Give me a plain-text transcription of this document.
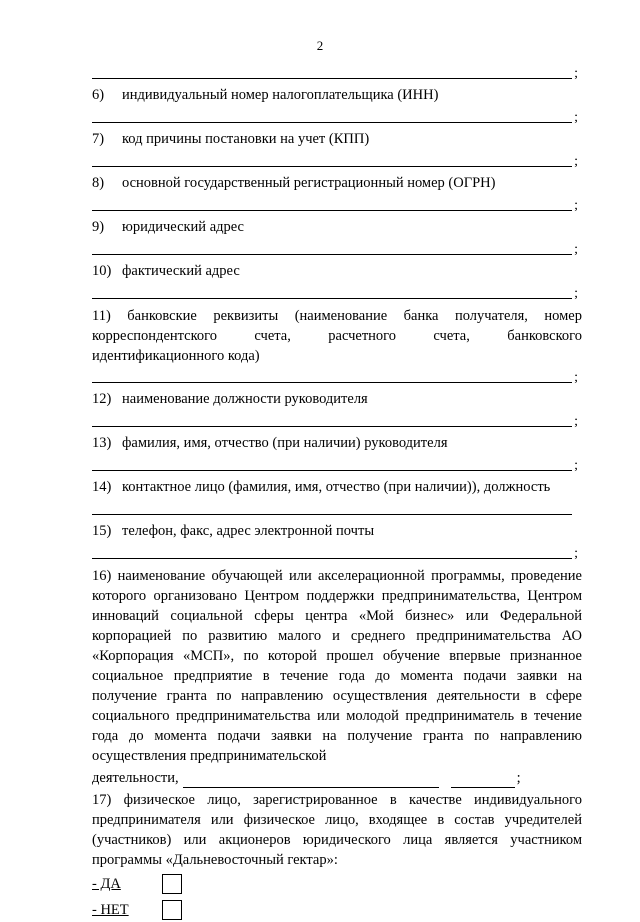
2
;
6)	индивидуальный номер налогоплательщика (ИНН)
;
7)	код причины постановки на учет (КПП)
;
8)	основной государственный регистрационный номер (ОГРН)
;
9)	юридический адрес
;
10) фактический адрес
;
11) банковские реквизиты (наименование банка получателя, номер корреспондентского счета, расчетного счета, банковского идентификационного кода)
;
12) наименование должности руководителя
;
13) фамилия, имя, отчество (при наличии) руководителя
;
14) контактное лицо (фамилия, имя, отчество (при наличии)), должность
15) телефон, факс, адрес электронной почты
;
16) наименование обучающей или акселерационной программы, проведение которого организовано Центром поддержки предпринимательства, Центром инноваций социальной сферы центра «Мой бизнес» или Федеральной корпорацией по развитию малого и среднего предпринимательства АО «Корпорация «МСП», по которой прошел обучение впервые признанное социальное предприятие в течение года до момента подачи заявки на получение гранта по направлению осуществления деятельности в сфере социального предпринимательства или молодой предприниматель в течение года до момента подачи заявки на получение гранта по направлению осуществления предпринимательской
деятельности,	;
17) физическое лицо, зарегистрированное в качестве индивидуального предпринимателя или физическое лицо, входящее в состав учредителей (участников) или акционеров юридического лица является участником программы «Дальневосточный гектар»:
- ДА
- НЕТ
